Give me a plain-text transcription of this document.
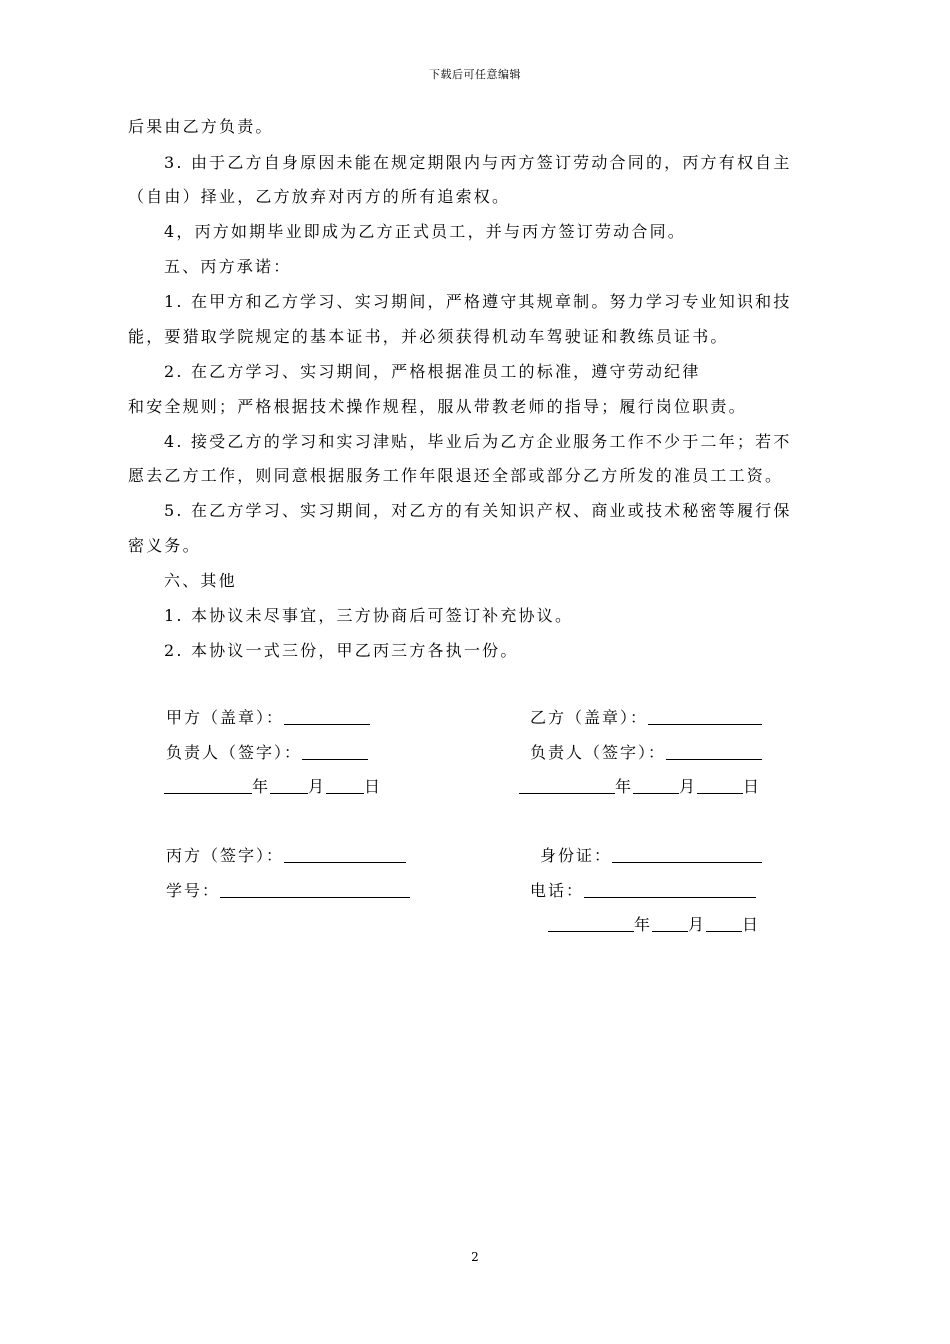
下载后可任意编辑
后果由乙方负责。
3. 由于乙方自身原因未能在规定期限内与丙方签订劳动合同的，丙方有权自主
（自由）择业，乙方放弃对丙方的所有追索权。
4，丙方如期毕业即成为乙方正式员工，并与丙方签订劳动合同。
五、丙方承诺：
1. 在甲方和乙方学习、实习期间，严格遵守其规章制。努力学习专业知识和技
能，要猎取学院规定的基本证书，并必须获得机动车驾驶证和教练员证书。
2. 在乙方学习、实习期间，严格根据准员工的标准，遵守劳动纪律
和安全规则；严格根据技术操作规程，服从带教老师的指导；履行岗位职责。
4. 接受乙方的学习和实习津贴，毕业后为乙方企业服务工作不少于二年；若不
愿去乙方工作，则同意根据服务工作年限退还全部或部分乙方所发的准员工工资。
5. 在乙方学习、实习期间，对乙方的有关知识产权、商业或技术秘密等履行保
密义务。
六、其他
1. 本协议未尽事宜，三方协商后可签订补充协议。
2. 本协议一式三份，甲乙丙三方各执一份。
甲方（盖章）：	乙方（盖章）：
负责人（签字）：	负责人（签字）：
年 月 日	年	月	日
丙方（签字）：	身份证：
学号：	电话：
年 月 日
2
